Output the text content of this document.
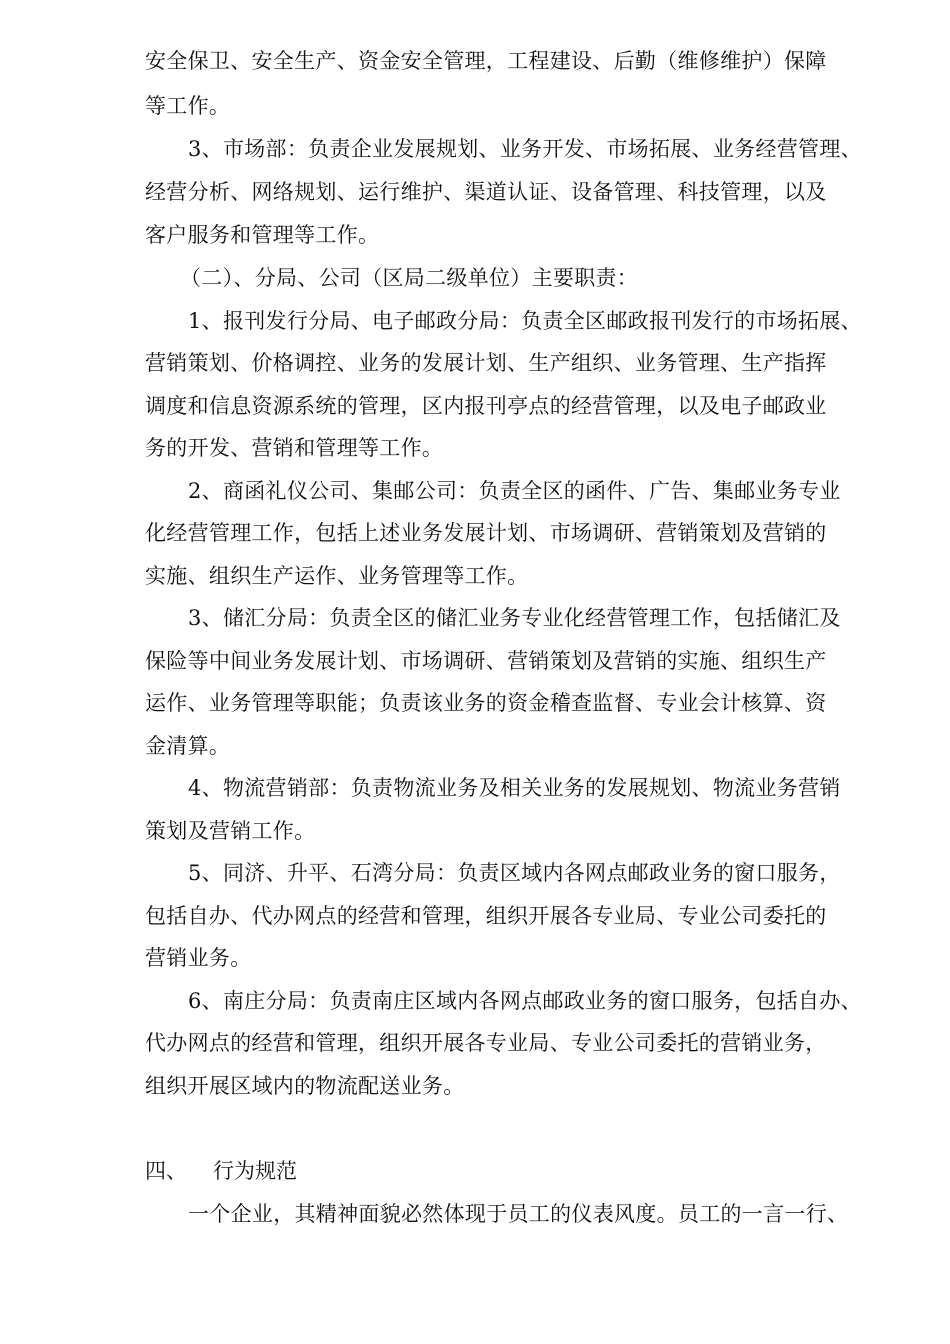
安全保卫、安全生产、资金安全管理，工程建设、后勤（维修维护）保障
等工作。
3、市场部：负责企业发展规划、业务开发、市场拓展、业务经营管理、
经营分析、网络规划、运行维护、渠道认证、设备管理、科技管理，以及
客户服务和管理等工作。
（二）、分局、公司（区局二级单位）主要职责：
1、报刊发行分局、电子邮政分局：负责全区邮政报刊发行的市场拓展、
营销策划、价格调控、业务的发展计划、生产组织、业务管理、生产指挥
调度和信息资源系统的管理，区内报刊亭点的经营管理，以及电子邮政业
务的开发、营销和管理等工作。
2、商函礼仪公司、集邮公司：负责全区的函件、广告、集邮业务专业
化经营管理工作，包括上述业务发展计划、市场调研、营销策划及营销的
实施、组织生产运作、业务管理等工作。
3、储汇分局：负责全区的储汇业务专业化经营管理工作，包括储汇及
保险等中间业务发展计划、市场调研、营销策划及营销的实施、组织生产
运作、业务管理等职能；负责该业务的资金稽查监督、专业会计核算、资
金清算。
4、物流营销部：负责物流业务及相关业务的发展规划、物流业务营销
策划及营销工作。
5、同济、升平、石湾分局：负责区域内各网点邮政业务的窗口服务，
包括自办、代办网点的经营和管理，组织开展各专业局、专业公司委托的
营销业务。
6、南庄分局：负责南庄区域内各网点邮政业务的窗口服务，包括自办、
代办网点的经营和管理，组织开展各专业局、专业公司委托的营销业务，
组织开展区域内的物流配送业务。
四、 行为规范
一个企业，其精神面貌必然体现于员工的仪表风度。员工的一言一行、
